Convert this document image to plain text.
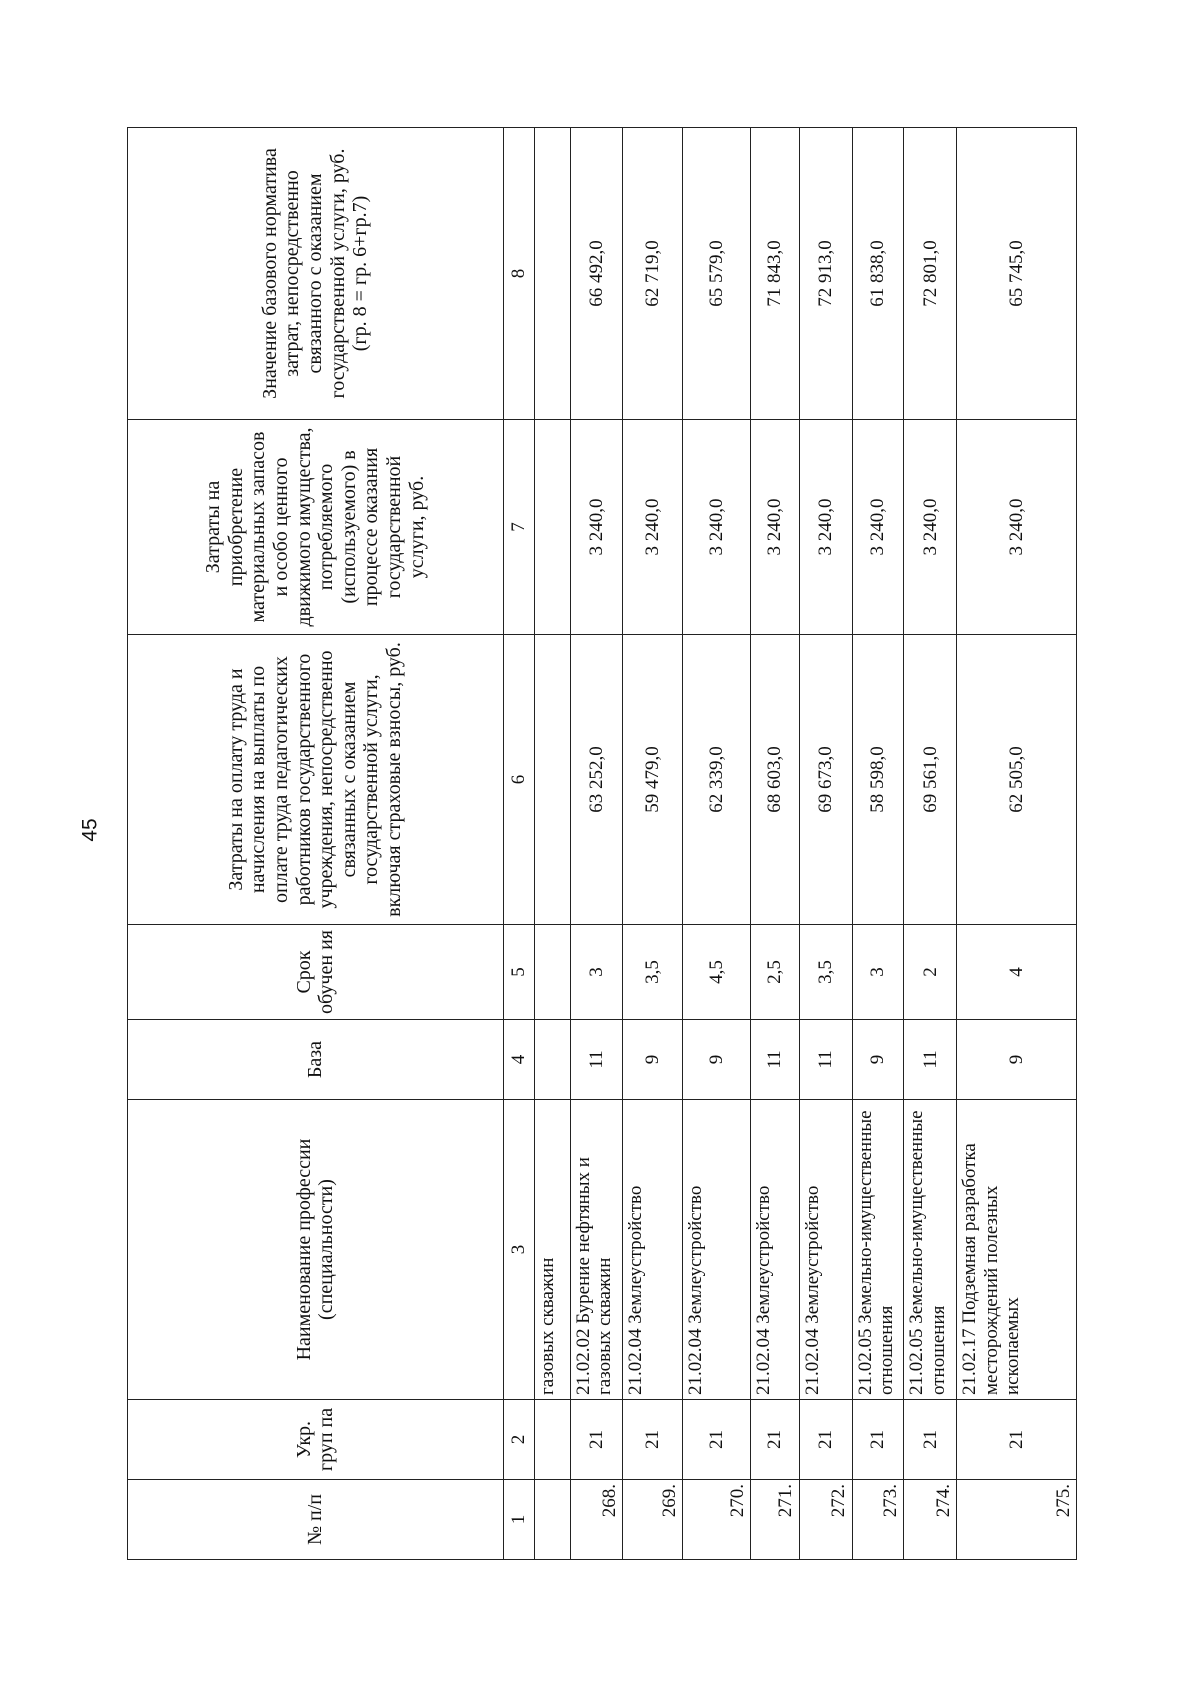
45
№ п/п	Укр. груп па	Наименование профессии (специальности)	База	Срок обучен ия	Затраты на оплату труда и начисления на выплаты по оплате труда педагогических работников государственного учреждения, непосредственно связанных с оказанием государственной услуги, включая страховые взносы, руб.	Затраты на приобретение материальных запасов и особо ценного движимого имущества, потребляемого (используемого) в процессе оказания государственной услуги, руб.	Значение базового норматива затрат, непосредственно связанного с оказанием государственной услуги, руб. (гр. 8 = гр. 6+гр.7)
1	2	3	4	5	6	7	8
		газовых скважин					
268.	21	21.02.02 Бурение нефтяных и газовых скважин	11	3	63 252,0	3 240,0	66 492,0
269.	21	21.02.04 Землеустройство	9	3,5	59 479,0	3 240,0	62 719,0
270.	21	21.02.04 Землеустройство	9	4,5	62 339,0	3 240,0	65 579,0
271.	21	21.02.04 Землеустройство	11	2,5	68 603,0	3 240,0	71 843,0
272.	21	21.02.04 Землеустройство	11	3,5	69 673,0	3 240,0	72 913,0
273.	21	21.02.05 Земельно-имущественные отношения	9	3	58 598,0	3 240,0	61 838,0
274.	21	21.02.05 Земельно-имущественные отношения	11	2	69 561,0	3 240,0	72 801,0
275.	21	21.02.17 Подземная разработка месторождений полезных ископаемых	9	4	62 505,0	3 240,0	65 745,0
